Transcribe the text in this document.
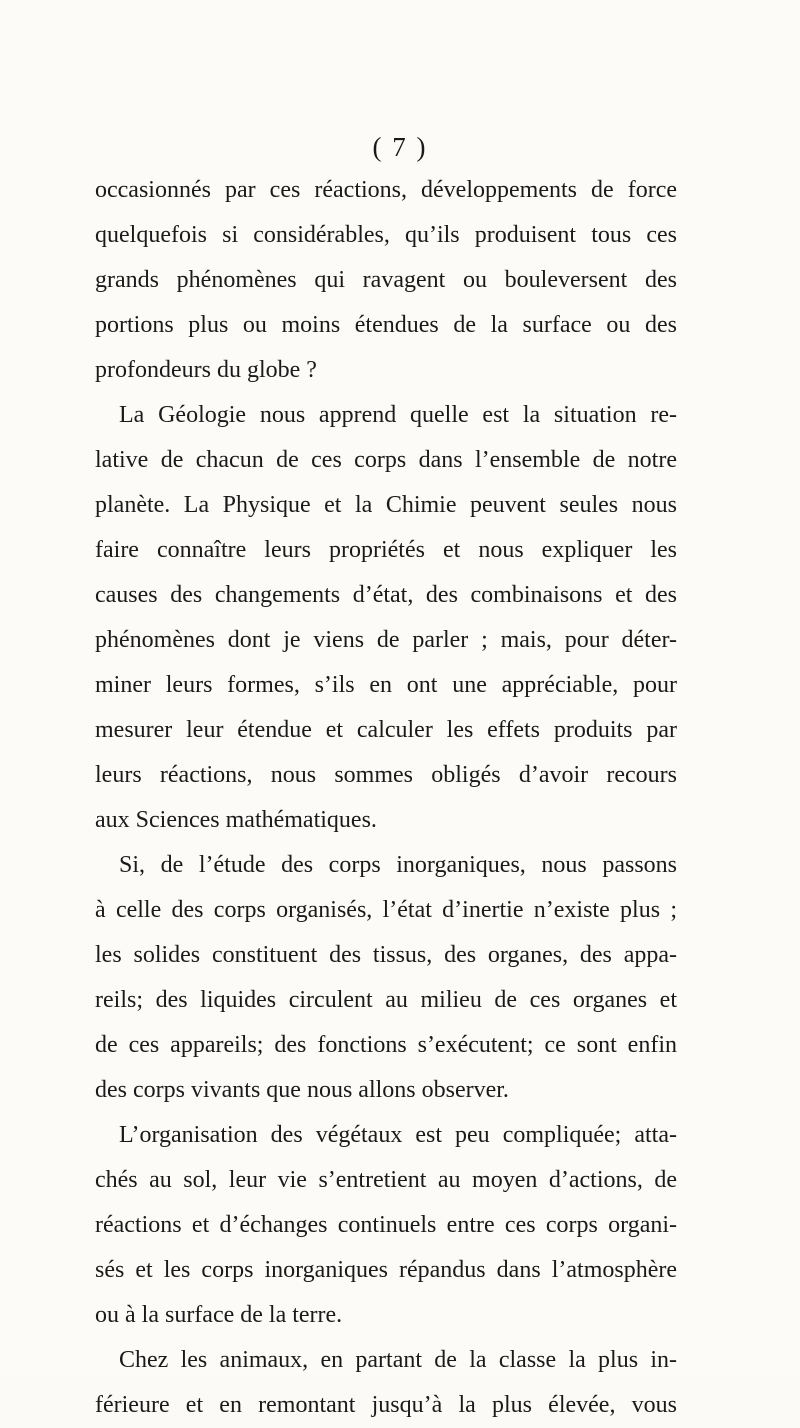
( 7 )
occasionnés par ces réactions, développements de force
quelquefois si considérables, qu’ils produisent tous ces
grands phénomènes qui ravagent ou bouleversent des
portions plus ou moins étendues de la surface ou des
profondeurs du globe ?
La Géologie nous apprend quelle est la situation re-
lative de chacun de ces corps dans l’ensemble de notre
planète. La Physique et la Chimie peuvent seules nous
faire connaître leurs propriétés et nous expliquer les
causes des changements d’état, des combinaisons et des
phénomènes dont je viens de parler ; mais, pour déter-
miner leurs formes, s’ils en ont une appréciable, pour
mesurer leur étendue et calculer les effets produits par
leurs réactions, nous sommes obligés d’avoir recours
aux Sciences mathématiques.
Si, de l’étude des corps inorganiques, nous passons
à celle des corps organisés, l’état d’inertie n’existe plus ;
les solides constituent des tissus, des organes, des appa-
reils; des liquides circulent au milieu de ces organes et
de ces appareils; des fonctions s’exécutent; ce sont enfin
des corps vivants que nous allons observer.
L’organisation des végétaux est peu compliquée; atta-
chés au sol, leur vie s’entretient au moyen d’actions, de
réactions et d’échanges continuels entre ces corps organi-
sés et les corps inorganiques répandus dans l’atmosphère
ou à la surface de la terre.
Chez les animaux, en partant de la classe la plus in-
férieure et en remontant jusqu’à la plus élevée, vous
